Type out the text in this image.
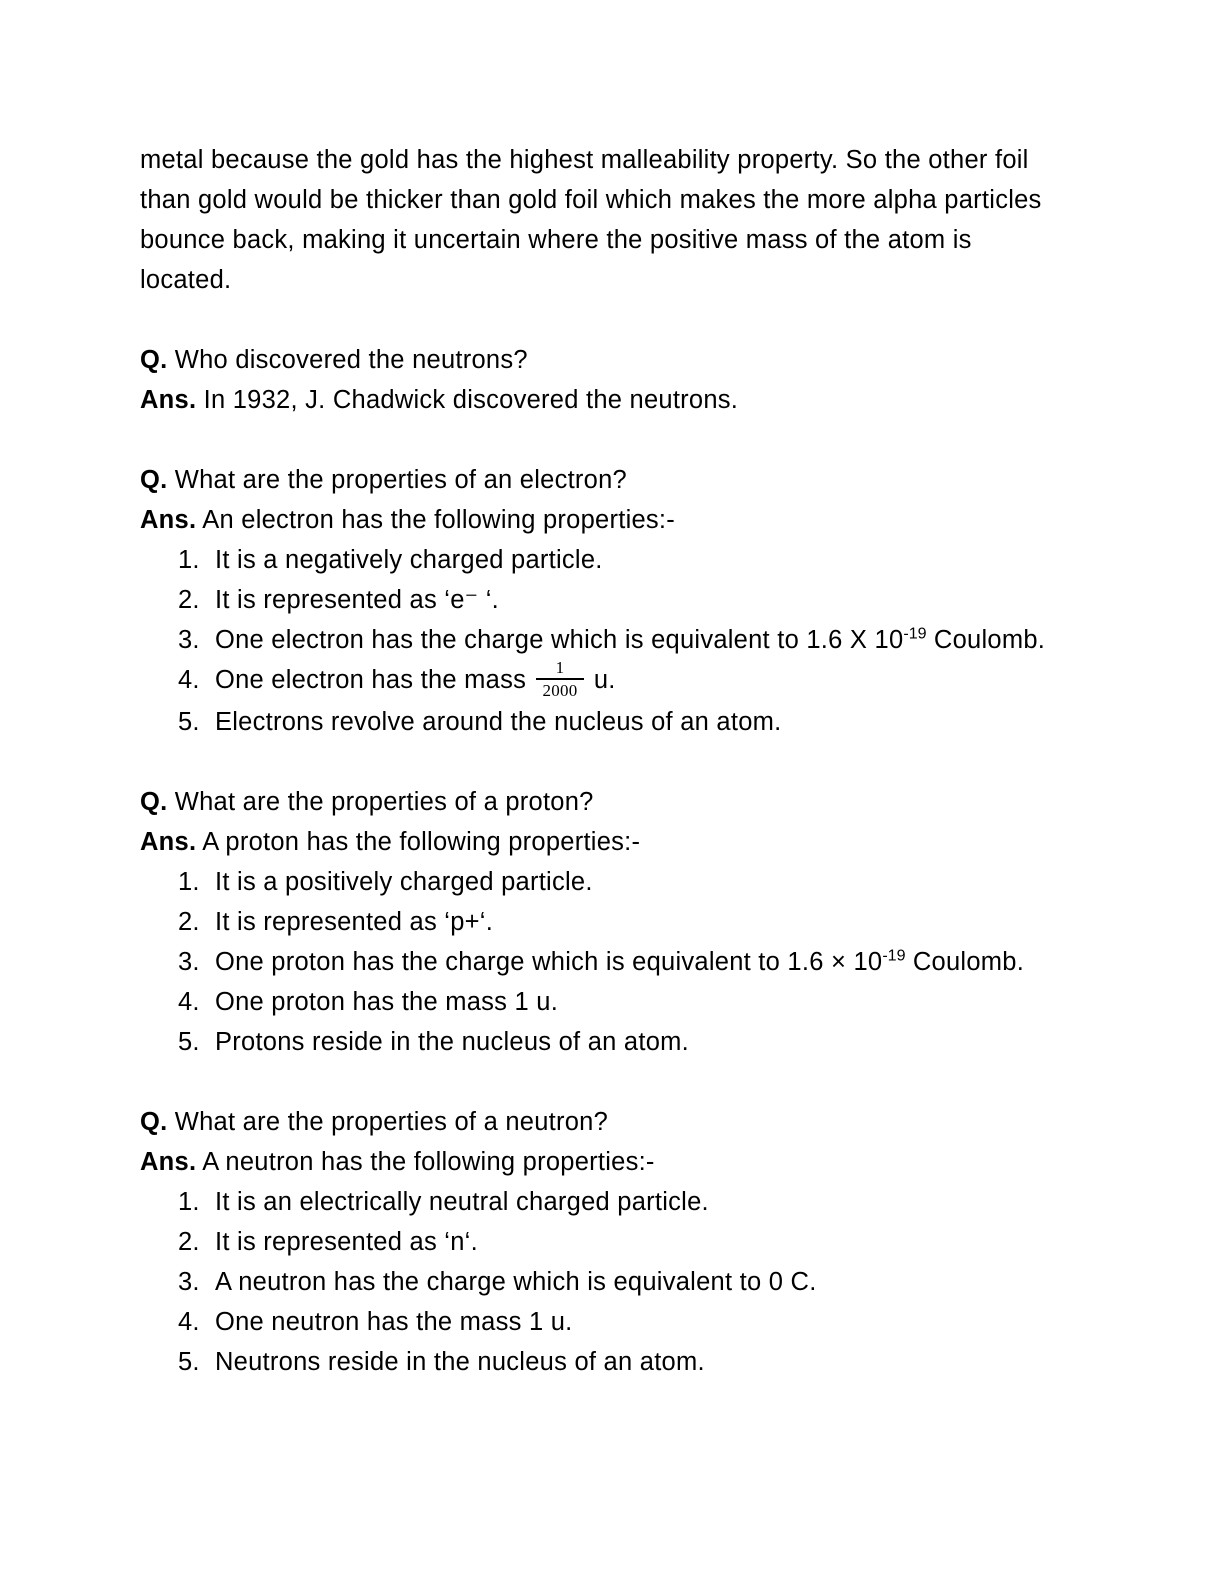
metal because the gold has the highest malleability property. So the other foil than gold would be thicker than gold foil which makes the more alpha particles bounce back, making it uncertain where the positive mass of the atom is located.

Q. Who discovered the neutrons?

Ans. In 1932, J. Chadwick discovered the neutrons.

Q. What are the properties of an electron?

Ans. An electron has the following properties:-

1. It is a negatively charged particle.
2. It is represented as ‘e⁻ ‘.
3. One electron has the charge which is equivalent to 1.6 X $10^{-19}$ Coulomb.
4. One electron has the mass $\frac{1}{2000} u$.
5. Electrons revolve around the nucleus of an atom.

Q. What are the properties of a proton?

Ans. A proton has the following properties:-

1. It is a positively charged particle.
2. It is represented as ‘p+‘.
3. One proton has the charge which is equivalent to $1.6 \times 10^{-19}$ Coulomb.
4. One proton has the mass 1 u.
5. Protons reside in the nucleus of an atom.

Q. What are the properties of a neutron?

Ans. A neutron has the following properties:-

1. It is an electrically neutral charged particle.
2. It is represented as ‘n‘.
3. A neutron has the charge which is equivalent to 0 C.
4. One neutron has the mass 1 u.
5. Neutrons reside in the nucleus of an atom.
